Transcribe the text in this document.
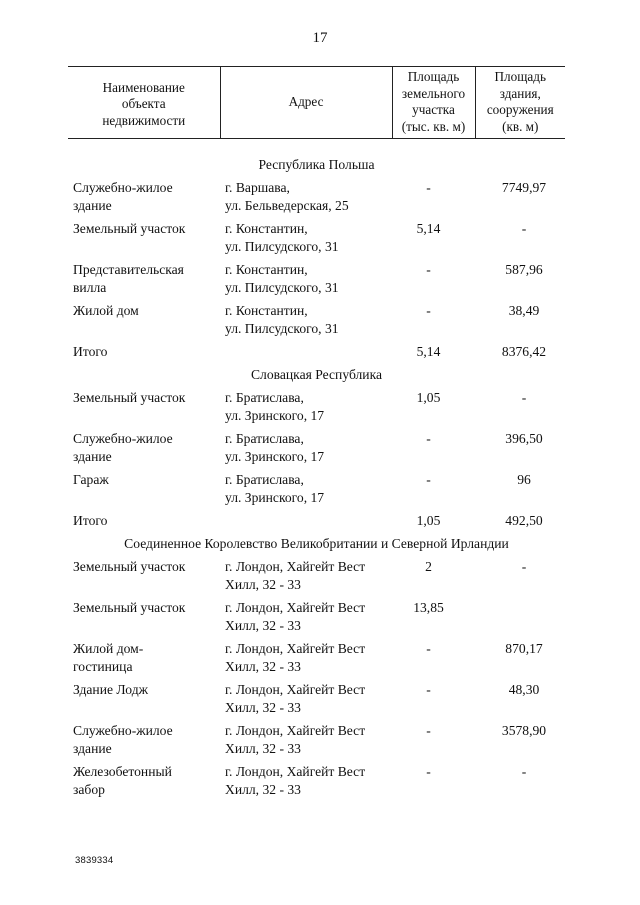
17
Наименование
объекта
недвижимости	Адрес	Площадь
земельного
участка
(тыс. кв. м)	Площадь
здания,
сооружения
(кв. м)

Республика Польша			
Служебно-жилое
здание	г. Варшава,
ул. Бельведерская, 25	-	7749,97
Земельный участок	г. Константин,
ул. Пилсудского, 31	5,14	-
Представительская
вилла	г. Константин,
ул. Пилсудского, 31	-	587,96
Жилой дом	г. Константин,
ул. Пилсудского, 31	-	38,49
Итого		5,14	8376,42
Словацкая Республика			
Земельный участок	г. Братислава,
ул. Зринского, 17	1,05	-
Служебно-жилое
здание	г. Братислава,
ул. Зринского, 17	-	396,50
Гараж	г. Братислава,
ул. Зринского, 17	-	96
Итого		1,05	492,50
Соединенное Королевство Великобритании и Северной Ирландии			
Земельный участок	г. Лондон, Хайгейт Вест
Хилл, 32 - 33	2	-
Земельный участок	г. Лондон, Хайгейт Вест
Хилл, 32 - 33	13,85	
Жилой дом-
гостиница	г. Лондон, Хайгейт Вест
Хилл, 32 - 33	-	870,17
Здание Лодж	г. Лондон, Хайгейт Вест
Хилл, 32 - 33	-	48,30
Служебно-жилое
здание	г. Лондон, Хайгейт Вест
Хилл, 32 - 33	-	3578,90
Железобетонный
забор	г. Лондон, Хайгейт Вест
Хилл, 32 - 33	-	-
3839334
